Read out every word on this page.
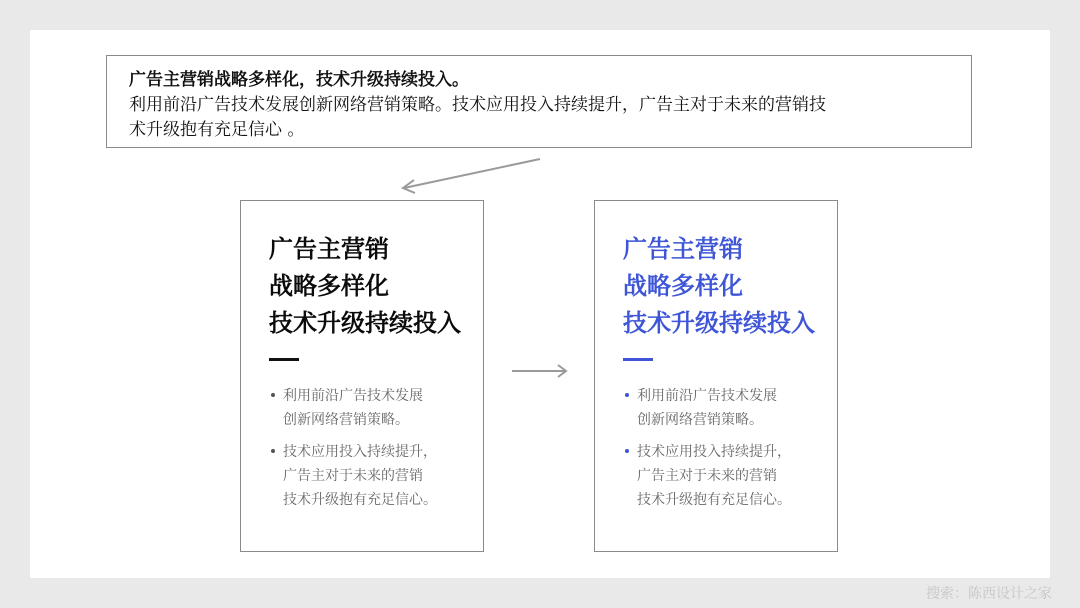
广告主营销战略多样化，技术升级持续投入。

利用前沿广告技术发展创新网络营销策略。技术应用投入持续提升，广告主对于未来的营销技

术升级抱有充足信心 。

广告主营销
战略多样化
技术升级持续投入
利用前沿广告技术发展
创新网络营销策略。
技术应用投入持续提升，
广告主对于未来的营销
技术升级抱有充足信心。
广告主营销
战略多样化
技术升级持续投入
利用前沿广告技术发展
创新网络营销策略。
技术应用投入持续提升，
广告主对于未来的营销
技术升级抱有充足信心。
搜索：陈西设计之家
